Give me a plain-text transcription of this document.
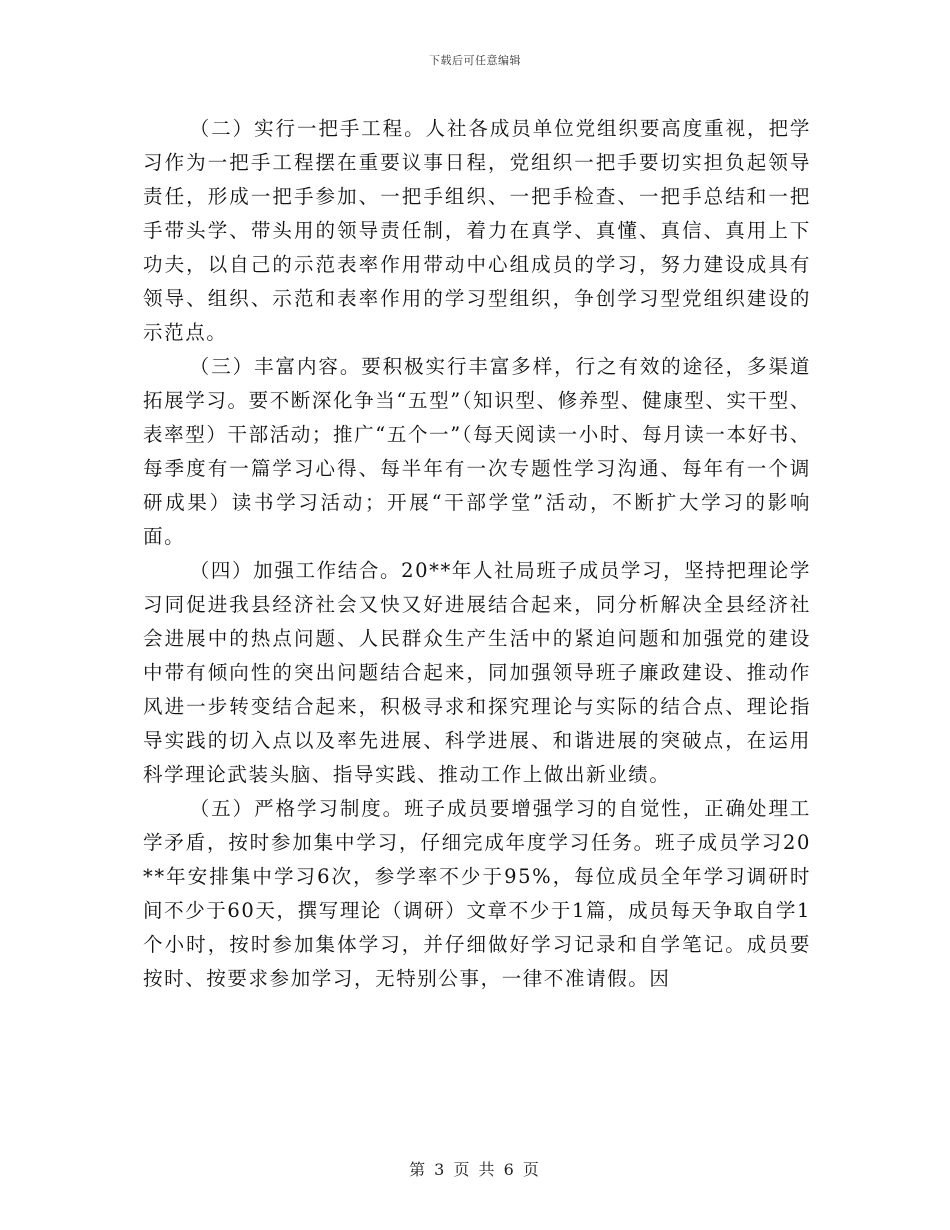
下载后可任意编辑

（二）实行一把手工程。人社各成员单位党组织要高度重视，把学习作为一把手工程摆在重要议事日程，党组织一把手要切实担负起领导责任，形成一把手参加、一把手组织、一把手检查、一把手总结和一把手带头学、带头用的领导责任制，着力在真学、真懂、真信、真用上下功夫，以自己的示范表率作用带动中心组成员的学习，努力建设成具有领导、组织、示范和表率作用的学习型组织，争创学习型党组织建设的示范点。

（三）丰富内容。要积极实行丰富多样，行之有效的途径，多渠道拓展学习。要不断深化争当“五型”（知识型、修养型、健康型、实干型、表率型）干部活动；推广“五个一”（每天阅读一小时、每月读一本好书、每季度有一篇学习心得、每半年有一次专题性学习沟通、每年有一个调研成果）读书学习活动；开展“干部学堂”活动，不断扩大学习的影响面。

（四）加强工作结合。20**年人社局班子成员学习，坚持把理论学习同促进我县经济社会又快又好进展结合起来，同分析解决全县经济社会进展中的热点问题、人民群众生产生活中的紧迫问题和加强党的建设中带有倾向性的突出问题结合起来，同加强领导班子廉政建设、推动作风进一步转变结合起来，积极寻求和探究理论与实际的结合点、理论指导实践的切入点以及率先进展、科学进展、和谐进展的突破点，在运用科学理论武装头脑、指导实践、推动工作上做出新业绩。

（五）严格学习制度。班子成员要增强学习的自觉性，正确处理工学矛盾，按时参加集中学习，仔细完成年度学习任务。班子成员学习20**年安排集中学习6次，参学率不少于95%，每位成员全年学习调研时间不少于60天，撰写理论（调研）文章不少于1篇，成员每天争取自学1个小时，按时参加集体学习，并仔细做好学习记录和自学笔记。成员要按时、按要求参加学习，无特别公事，一律不准请假。因

第 3 页 共 6 页
